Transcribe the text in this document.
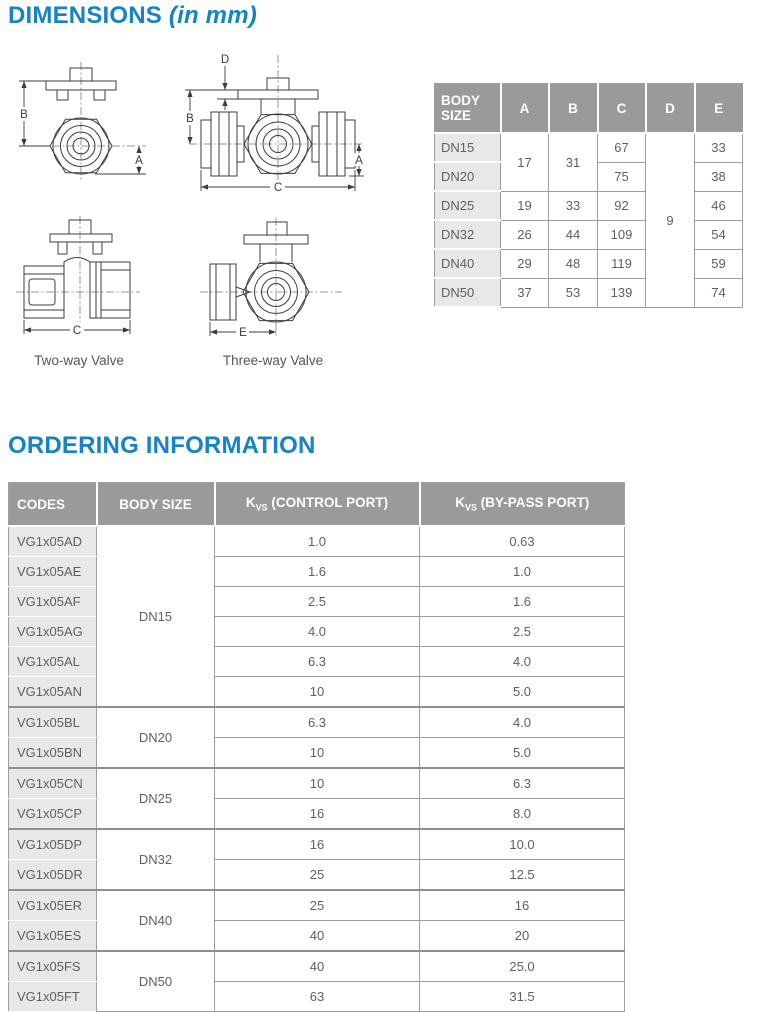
DIMENSIONS (in mm)
B
A
D
B
A
C
C	E
Two-way Valve	Three-way Valve
BODY SIZE	A	B	C	D	E
DN15	17	31	67	9	33
DN20			75		38
DN25	19	33	92		46
DN32	26	44	109		54
DN40	29	48	119		59
DN50	37	53	139		74
ORDERING INFORMATION
CODES	BODY SIZE	$K_{VS}$ (CONTROL PORT)	$K_{VS}$ (BY-PASS PORT)
VG1x05AD	DN15	1.0	0.63
VG1x05AE		1.6	1.0
VG1x05AF		2.5	1.6
VG1x05AG		4.0	2.5
VG1x05AL		6.3	4.0
VG1x05AN		10	5.0
VG1x05BL	DN20	6.3	4.0
VG1x05BN		10	5.0
VG1x05CN	DN25	10	6.3
VG1x05CP		16	8.0
VG1x05DP	DN32	16	10.0
VG1x05DR		25	12.5
VG1x05ER	DN40	25	16
VG1x05ES		40	20
VG1x05FS	DN50	40	25.0
VG1x05FT		63	31.5
